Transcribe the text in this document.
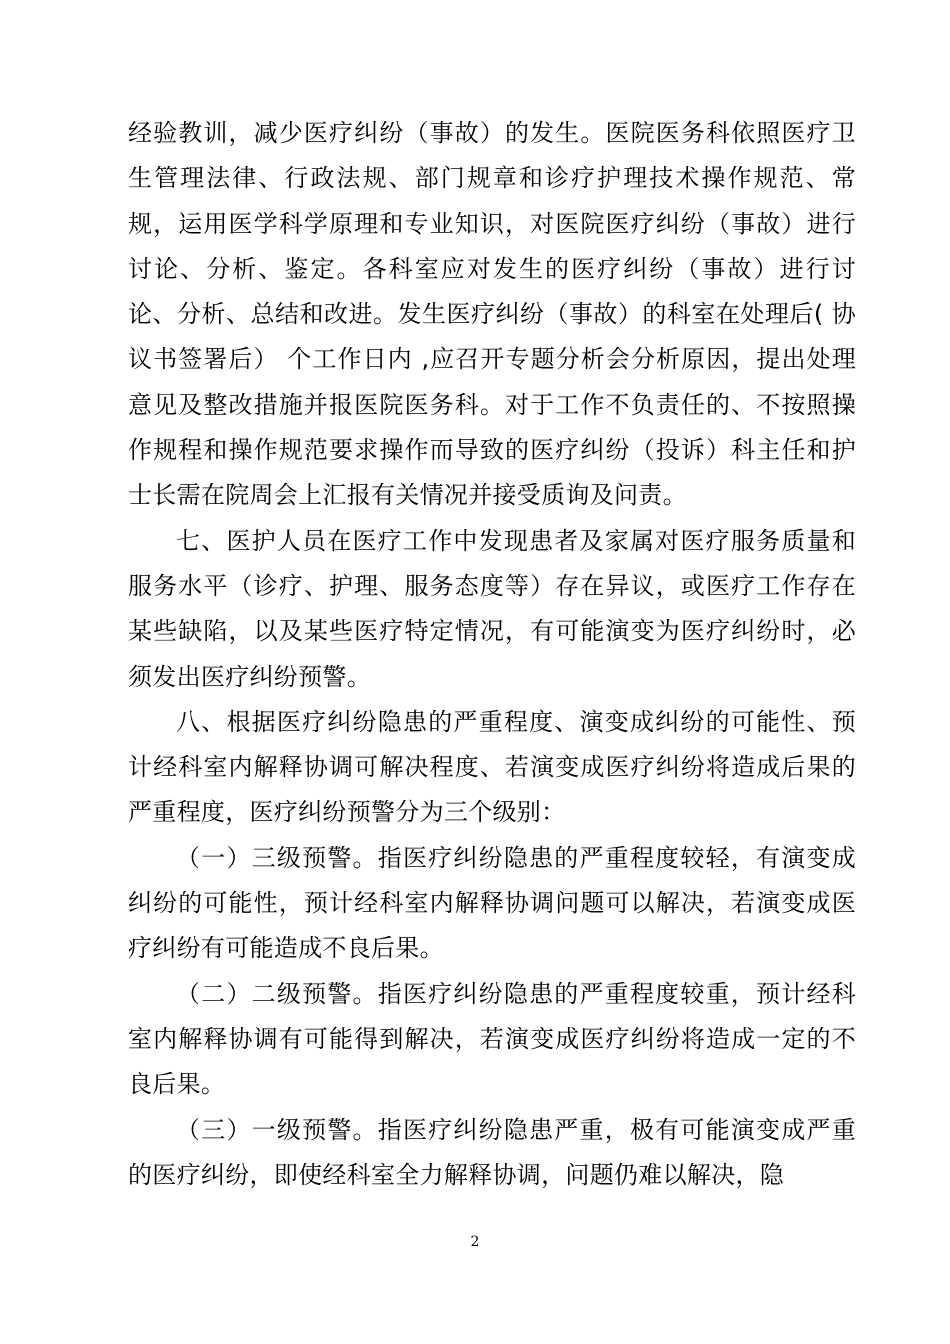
经验教训，减少医疗纠纷（事故）的发生。医院医务科依照医疗卫生管理法律、行政法规、部门规章和诊疗护理技术操作规范、常规，运用医学科学原理和专业知识，对医院医疗纠纷（事故）进行讨论、分析、鉴定。各科室应对发生的医疗纠纷（事故）进行讨论、分析、总结和改进。发生医疗纠纷（事故）的科室在处理后( 协议书签署后） 个工作日内 ,应召开专题分析会分析原因，提出处理意见及整改措施并报医院医务科。对于工作不负责任的、不按照操作规程和操作规范要求操作而导致的医疗纠纷（投诉）科主任和护士长需在院周会上汇报有关情况并接受质询及问责。

七、医护人员在医疗工作中发现患者及家属对医疗服务质量和服务水平（诊疗、护理、服务态度等）存在异议，或医疗工作存在某些缺陷，以及某些医疗特定情况，有可能演变为医疗纠纷时，必须发出医疗纠纷预警。

八、根据医疗纠纷隐患的严重程度、演变成纠纷的可能性、预计经科室内解释协调可解决程度、若演变成医疗纠纷将造成后果的严重程度，医疗纠纷预警分为三个级别：

（一）三级预警。指医疗纠纷隐患的严重程度较轻，有演变成纠纷的可能性，预计经科室内解释协调问题可以解决，若演变成医疗纠纷有可能造成不良后果。

（二）二级预警。指医疗纠纷隐患的严重程度较重，预计经科室内解释协调有可能得到解决，若演变成医疗纠纷将造成一定的不良后果。

（三）一级预警。指医疗纠纷隐患严重，极有可能演变成严重的医疗纠纷，即使经科室全力解释协调，问题仍难以解决，隐

2
